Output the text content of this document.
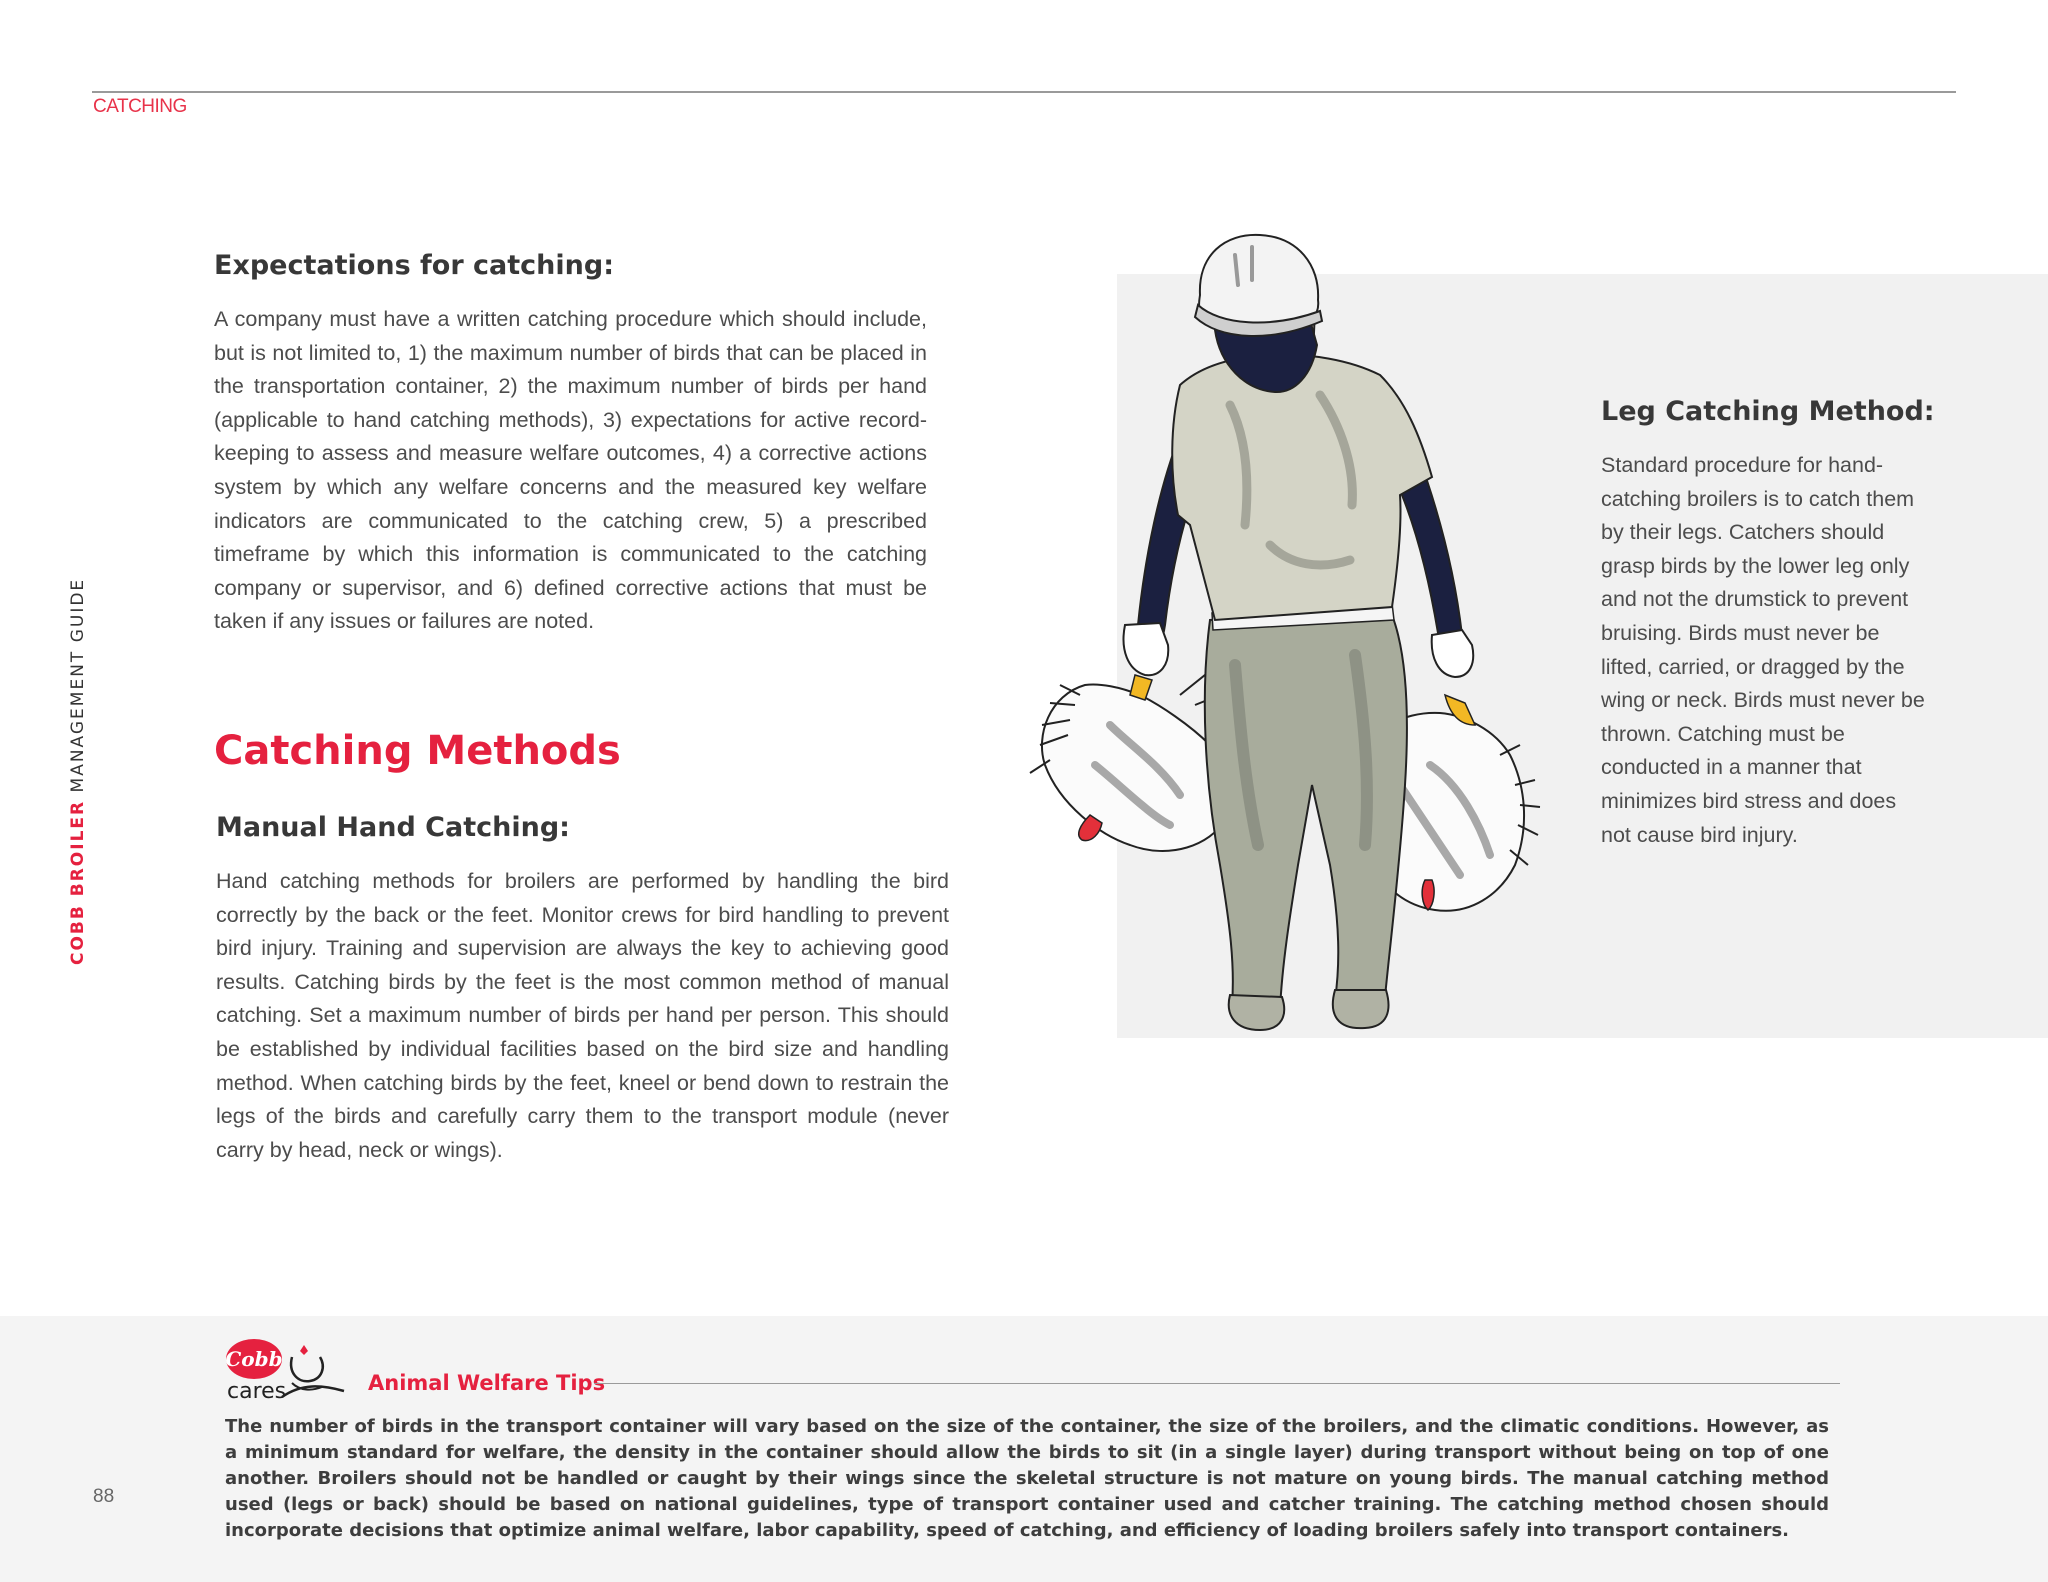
CATCHING
COBB BROILER MANAGEMENT GUIDE
Expectations for catching:
A company must have a written catching procedure which should include, but is not limited to, 1) the maximum number of birds that can be placed in the transportation container, 2) the maximum number of birds per hand (applicable to hand catching methods), 3) expectations for active record-keeping to assess and measure welfare outcomes, 4) a corrective actions system by which any welfare concerns and the measured key welfare indicators are communicated to the catching crew, 5) a prescribed timeframe by which this information is communicated to the catching company or supervisor, and 6) defined corrective actions that must be taken if any issues or failures are noted.
Catching Methods
Manual Hand Catching:
Hand catching methods for broilers are performed by handling the bird correctly by the back or the feet. Monitor crews for bird handling to prevent bird injury. Training and supervision are always the key to achieving good results. Catching birds by the feet is the most common method of manual catching. Set a maximum number of birds per hand per person. This should be established by individual facilities based on the bird size and handling method. When catching birds by the feet, kneel or bend down to restrain the legs of the birds and carefully carry them to the transport module (never carry by head, neck or wings).
Leg Catching Method:
Standard procedure for hand-catching broilers is to catch them by their legs. Catchers should grasp birds by the lower leg only and not the drumstick to prevent bruising. Birds must never be lifted, carried, or dragged by the wing or neck. Birds must never be thrown. Catching must be conducted in a manner that minimizes bird stress and does not cause bird injury.
Cobb
cares	Animal Welfare Tips
The number of birds in the transport container will vary based on the size of the container, the size of the broilers, and the climatic conditions. However, as a minimum standard for welfare, the density in the container should allow the birds to sit (in a single layer) during transport without being on top of one another. Broilers should not be handled or caught by their wings since the skeletal structure is not mature on young birds. The manual catching method used (legs or back) should be based on national guidelines, type of transport container used and catcher training. The catching method chosen should incorporate decisions that optimize animal welfare, labor capability, speed of catching, and efficiency of loading broilers safely into transport containers.
88
